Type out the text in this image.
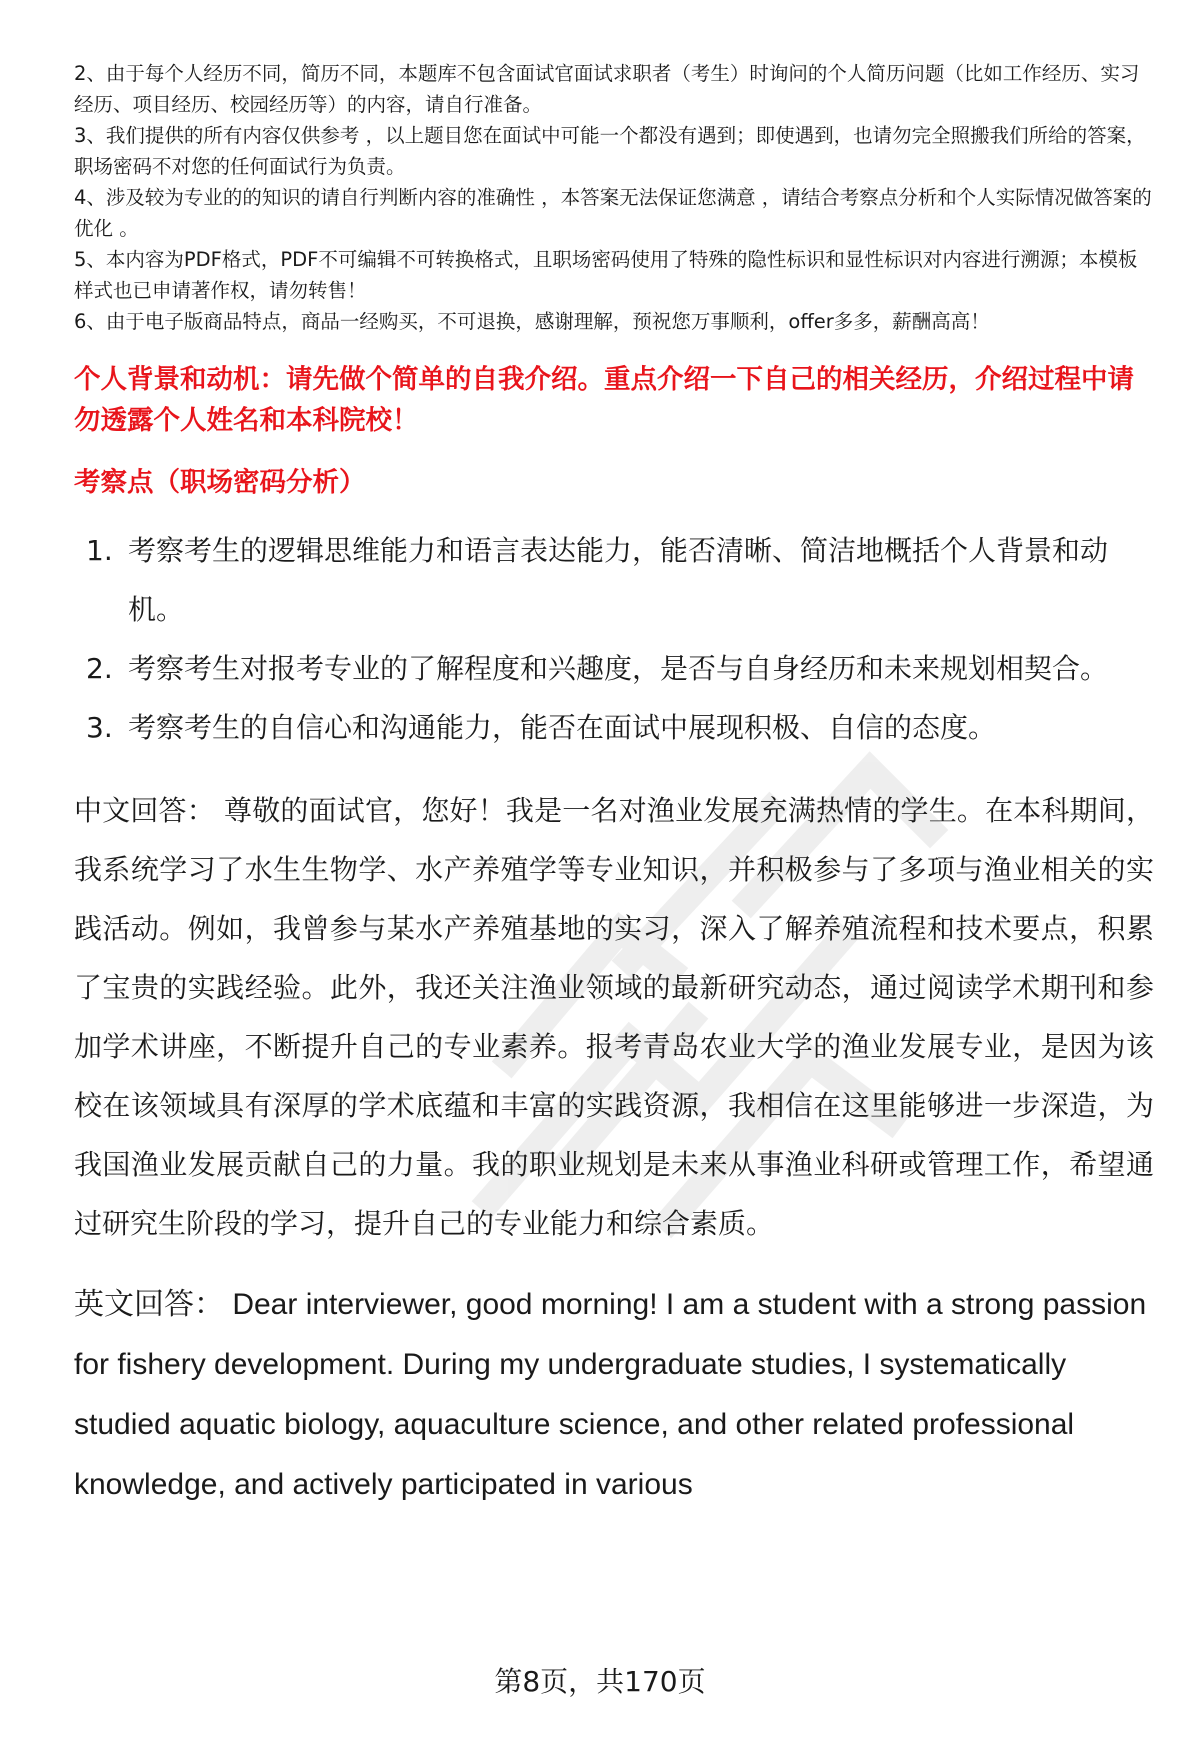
2、由于每个人经历不同，简历不同，本题库不包含面试官面试求职者（考生）时询问的个人简历问题（比如工作经历、实习经历、项目经历、校园经历等）的内容，请自行准备。

3、我们提供的所有内容仅供参考 ，以上题目您在面试中可能一个都没有遇到；即使遇到，也请勿完全照搬我们所给的答案，职场密码不对您的任何面试行为负责。

4、涉及较为专业的的知识的请自行判断内容的准确性 ，本答案无法保证您满意 ，请结合考察点分析和个人实际情况做答案的优化 。

5、本内容为PDF格式，PDF不可编辑不可转换格式，且职场密码使用了特殊的隐性标识和显性标识对内容进行溯源；本模板样式也已申请著作权，请勿转售！

6、由于电子版商品特点，商品一经购买，不可退换，感谢理解，预祝您万事顺利，offer多多，薪酬高高！

个人背景和动机：请先做个简单的自我介绍。重点介绍一下自己的相关经历，介绍过程中请勿透露个人姓名和本科院校！
考察点（职场密码分析）
1. 考察考生的逻辑思维能力和语言表达能力，能否清晰、简洁地概括个人背景和动机。
2. 考察考生对报考专业的了解程度和兴趣度，是否与自身经历和未来规划相契合。
3. 考察考生的自信心和沟通能力，能否在面试中展现积极、自信的态度。

中文回答： 尊敬的面试官，您好！我是一名对渔业发展充满热情的学生。在本科期间，我系统学习了水生生物学、水产养殖学等专业知识，并积极参与了多项与渔业相关的实践活动。例如，我曾参与某水产养殖基地的实习，深入了解养殖流程和技术要点，积累了宝贵的实践经验。此外，我还关注渔业领域的最新研究动态，通过阅读学术期刊和参加学术讲座，不断提升自己的专业素养。报考青岛农业大学的渔业发展专业，是因为该校在该领域具有深厚的学术底蕴和丰富的实践资源，我相信在这里能够进一步深造，为我国渔业发展贡献自己的力量。我的职业规划是未来从事渔业科研或管理工作，希望通过研究生阶段的学习，提升自己的专业能力和综合素质。

英文回答： Dear interviewer, good morning! I am a student with a strong passion for fishery development. During my undergraduate studies, I systematically studied aquatic biology, aquaculture science, and other related professional knowledge, and actively participated in various

第8页，共170页
